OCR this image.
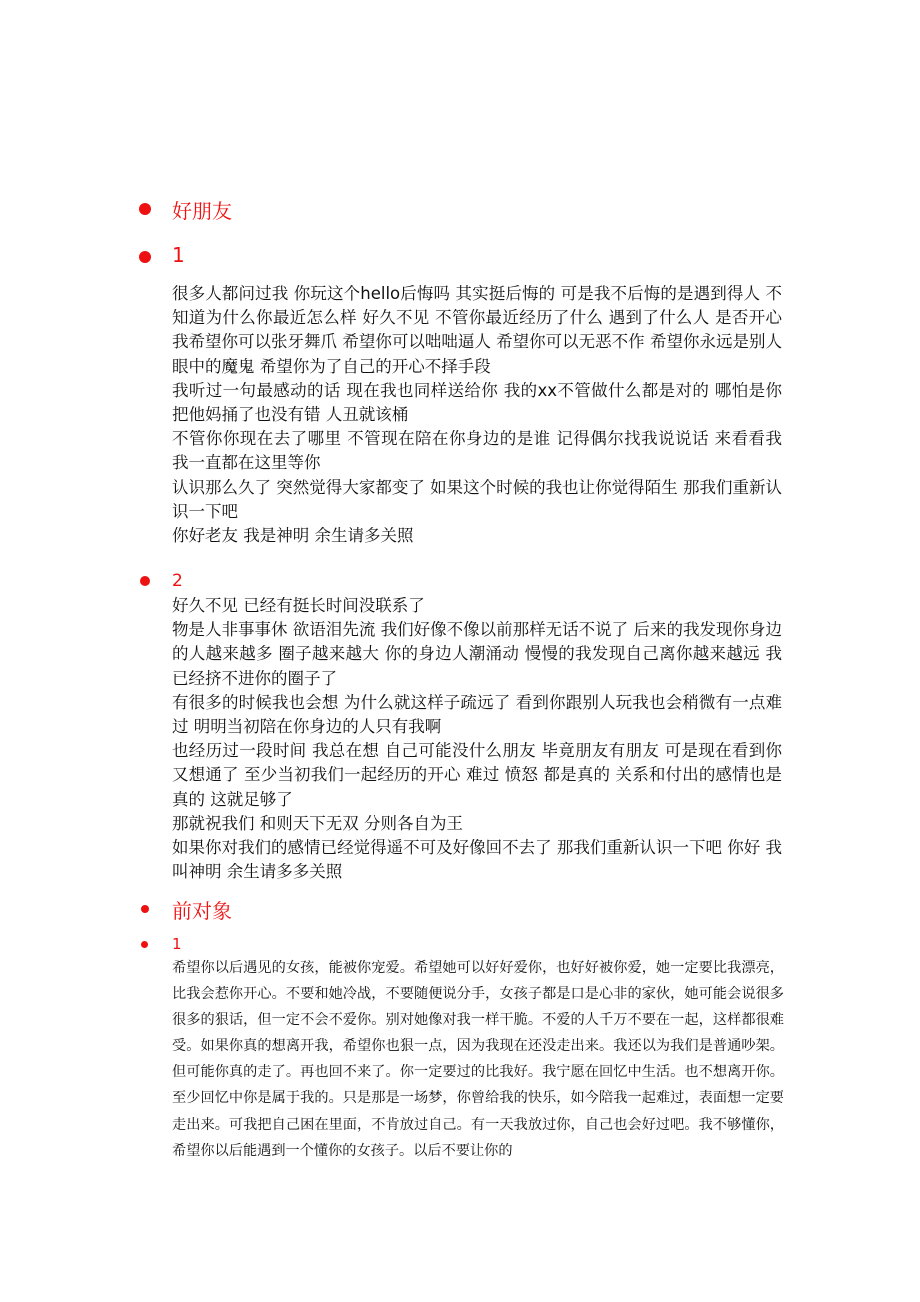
好朋友
1

很多人都问过我 你玩这个hello后悔吗 其实挺后悔的 可是我不后悔的是遇到得人 不知道为什么你最近怎么样 好久不见 不管你最近经历了什么 遇到了什么人 是否开心 我希望你可以张牙舞爪 希望你可以咄咄逼人 希望你可以无恶不作 希望你永远是别人眼中的魔鬼 希望你为了自己的开心不择手段

我听过一句最感动的话 现在我也同样送给你 我的xx不管做什么都是对的 哪怕是你把他妈捅了也没有错 人丑就该桶

不管你你现在去了哪里 不管现在陪在你身边的是谁 记得偶尔找我说说话 来看看我 我一直都在这里等你

认识那么久了 突然觉得大家都变了 如果这个时候的我也让你觉得陌生 那我们重新认识一下吧

你好老友 我是神明 余生请多关照

2

好久不见 已经有挺长时间没联系了

物是人非事事休 欲语泪先流 我们好像不像以前那样无话不说了 后来的我发现你身边的人越来越多 圈子越来越大 你的身边人潮涌动 慢慢的我发现自己离你越来越远 我已经挤不进你的圈子了

有很多的时候我也会想 为什么就这样子疏远了 看到你跟别人玩我也会稍微有一点难过 明明当初陪在你身边的人只有我啊

也经历过一段时间 我总在想 自己可能没什么朋友 毕竟朋友有朋友 可是现在看到你又想通了 至少当初我们一起经历的开心 难过 愤怒 都是真的 关系和付出的感情也是真的 这就足够了

那就祝我们 和则天下无双 分则各自为王

如果你对我们的感情已经觉得遥不可及好像回不去了 那我们重新认识一下吧 你好 我叫神明 余生请多多关照

前对象
1

希望你以后遇见的女孩，能被你宠爱。希望她可以好好爱你，也好好被你爱，她一定要比我漂亮，比我会惹你开心。不要和她冷战，不要随便说分手，女孩子都是口是心非的家伙，她可能会说很多很多的狠话，但一定不会不爱你。别对她像对我一样干脆。不爱的人千万不要在一起，这样都很难受。如果你真的想离开我，希望你也狠一点，因为我现在还没走出来。我还以为我们是普通吵架。但可能你真的走了。再也回不来了。你一定要过的比我好。我宁愿在回忆中生活。也不想离开你。至少回忆中你是属于我的。只是那是一场梦，你曾给我的快乐，如今陪我一起难过，表面想一定要走出来。可我把自己困在里面，不肯放过自己。有一天我放过你，自己也会好过吧。我不够懂你，希望你以后能遇到一个懂你的女孩子。以后不要让你的
